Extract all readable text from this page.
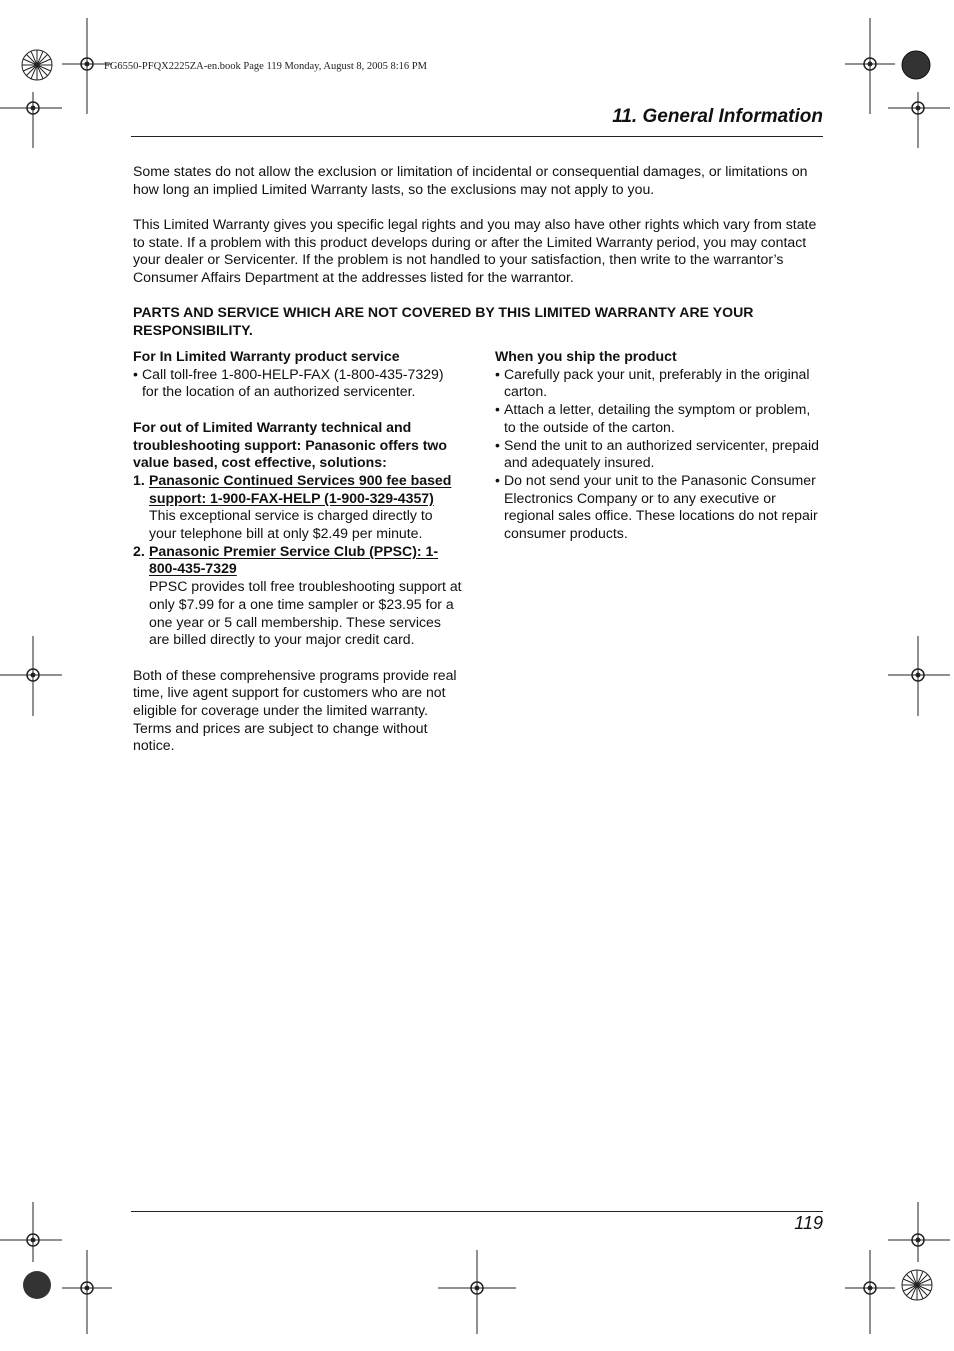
FG6550-PFQX2225ZA-en.book Page 119 Monday, August 8, 2005 8:16 PM
11. General Information

Some states do not allow the exclusion or limitation of incidental or consequential damages, or limitations on how long an implied Limited Warranty lasts, so the exclusions may not apply to you.

This Limited Warranty gives you specific legal rights and you may also have other rights which vary from state to state. If a problem with this product develops during or after the Limited Warranty period, you may contact your dealer or Servicenter. If the problem is not handled to your satisfaction, then write to the warrantor’s Consumer Affairs Department at the addresses listed for the warrantor.

PARTS AND SERVICE WHICH ARE NOT COVERED BY THIS LIMITED WARRANTY ARE YOUR RESPONSIBILITY.

For In Limited Warranty product service
• Call toll-free 1-800-HELP-FAX (1-800-435-7329) for the location of an authorized servicenter.
For out of Limited Warranty technical and troubleshooting support: Panasonic offers two value based, cost effective, solutions:
1. Panasonic Continued Services 900 fee based support: 1-900-FAX-HELP (1-900-329-4357)
This exceptional service is charged directly to your telephone bill at only $2.49 per minute.
2. Panasonic Premier Service Club (PPSC): 1-800-435-7329
PPSC provides toll free troubleshooting support at only $7.99 for a one time sampler or $23.95 for a one year or 5 call membership. These services are billed directly to your major credit card.
Both of these comprehensive programs provide real time, live agent support for customers who are not eligible for coverage under the limited warranty.
Terms and prices are subject to change without notice.
When you ship the product
• Carefully pack your unit, preferably in the original carton.
• Attach a letter, detailing the symptom or problem, to the outside of the carton.
• Send the unit to an authorized servicenter, prepaid and adequately insured.
• Do not send your unit to the Panasonic Consumer Electronics Company or to any executive or regional sales office. These locations do not repair consumer products.
119
